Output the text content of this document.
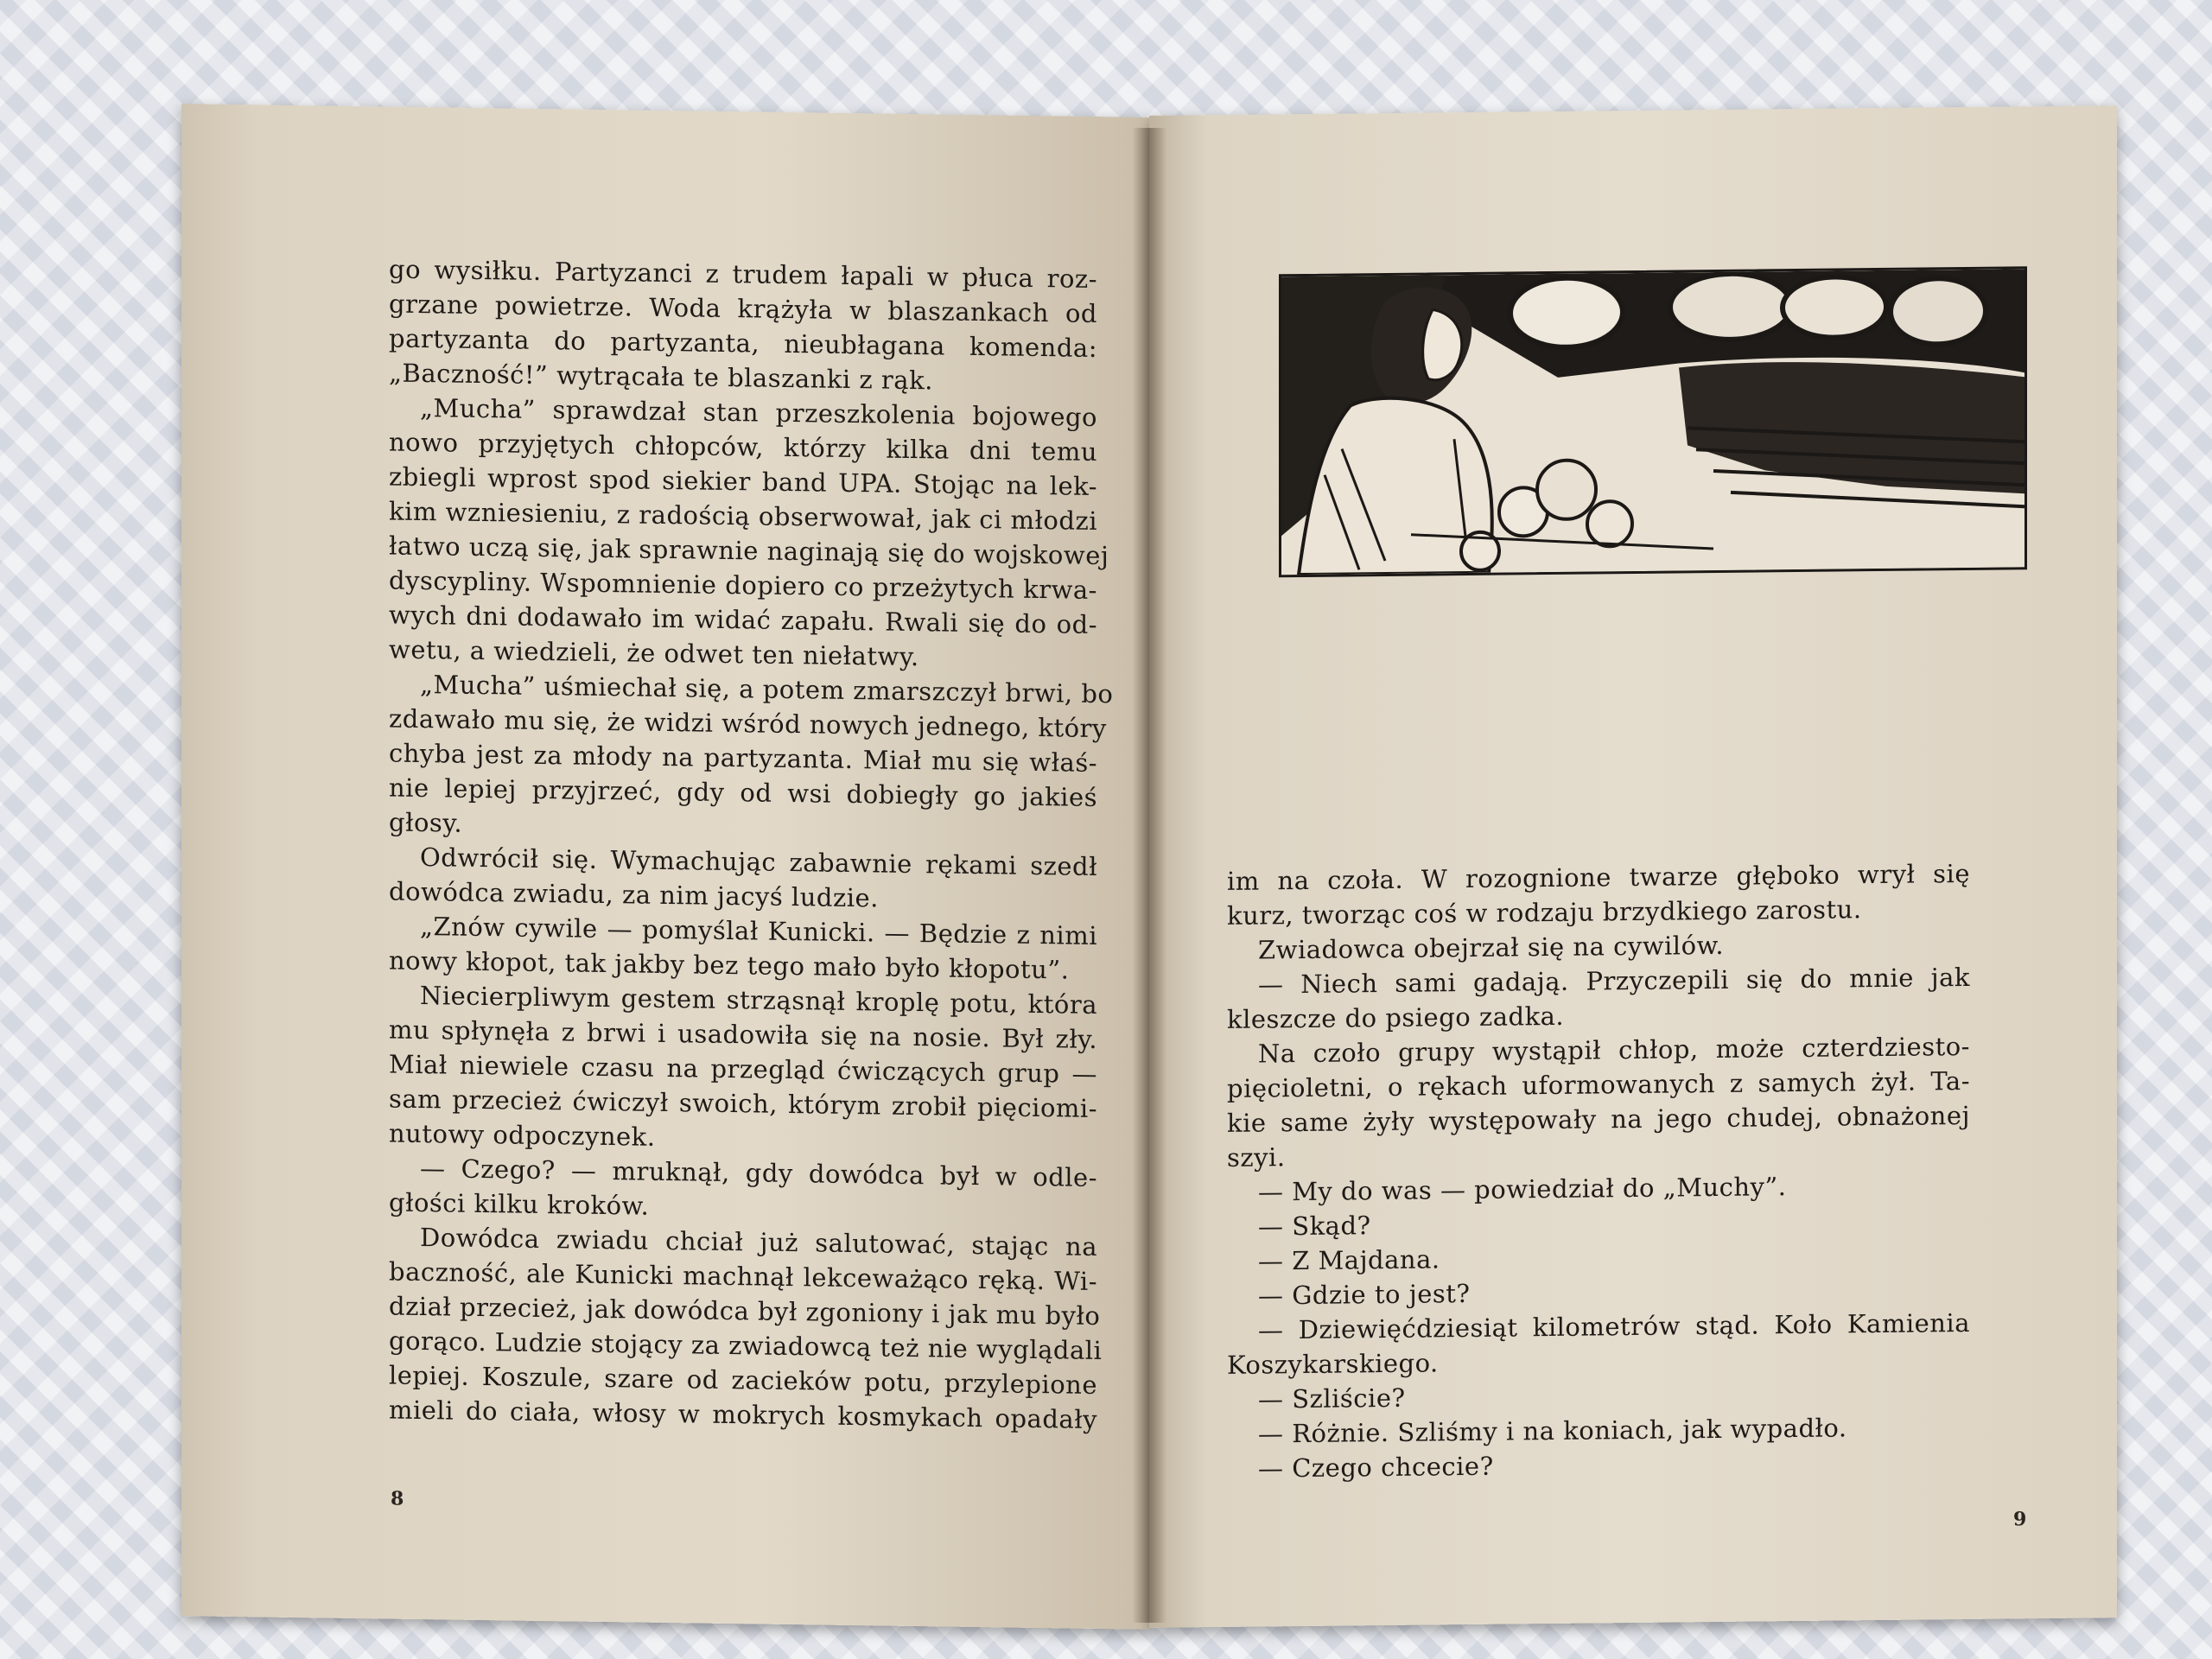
go wysiłku. Partyzanci z trudem łapali w płuca roz-
grzane powietrze. Woda krążyła w blaszankach od
partyzanta do partyzanta, nieubłagana komenda:
„Baczność!” wytrącała te blaszanki z rąk.
„Mucha” sprawdzał stan przeszkolenia bojowego
nowo przyjętych chłopców, którzy kilka dni temu
zbiegli wprost spod siekier band UPA. Stojąc na lek-
kim wzniesieniu, z radością obserwował, jak ci młodzi
łatwo uczą się, jak sprawnie naginają się do wojskowej
dyscypliny. Wspomnienie dopiero co przeżytych krwa-
wych dni dodawało im widać zapału. Rwali się do od-
wetu, a wiedzieli, że odwet ten niełatwy.
„Mucha” uśmiechał się, a potem zmarszczył brwi, bo
zdawało mu się, że widzi wśród nowych jednego, który
chyba jest za młody na partyzanta. Miał mu się właś-
nie lepiej przyjrzeć, gdy od wsi dobiegły go jakieś
głosy.
Odwrócił się. Wymachując zabawnie rękami szedł
dowódca zwiadu, za nim jacyś ludzie.
„Znów cywile — pomyślał Kunicki. — Będzie z nimi
nowy kłopot, tak jakby bez tego mało było kłopotu”.
Niecierpliwym gestem strząsnął kroplę potu, która
mu spłynęła z brwi i usadowiła się na nosie. Był zły.
Miał niewiele czasu na przegląd ćwiczących grup —
sam przecież ćwiczył swoich, którym zrobił pięciomi-
nutowy odpoczynek.
— Czego? — mruknął, gdy dowódca był w odle-
głości kilku kroków.
Dowódca zwiadu chciał już salutować, stając na
baczność, ale Kunicki machnął lekceważąco ręką. Wi-
dział przecież, jak dowódca był zgoniony i jak mu było
gorąco. Ludzie stojący za zwiadowcą też nie wyglądali
lepiej. Koszule, szare od zacieków potu, przylepione
mieli do ciała, włosy w mokrych kosmykach opadały
8
im na czoła. W rozognione twarze głęboko wrył się
kurz, tworząc coś w rodzaju brzydkiego zarostu.
Zwiadowca obejrzał się na cywilów.
— Niech sami gadają. Przyczepili się do mnie jak
kleszcze do psiego zadka.
Na czoło grupy wystąpił chłop, może czterdziesto-
pięcioletni, o rękach uformowanych z samych żył. Ta-
kie same żyły występowały na jego chudej, obnażonej
szyi.
— My do was — powiedział do „Muchy”.
— Skąd?
— Z Majdana.
— Gdzie to jest?
— Dziewięćdziesiąt kilometrów stąd. Koło Kamienia
Koszykarskiego.
— Szliście?
— Różnie. Szliśmy i na koniach, jak wypadło.
— Czego chcecie?
9
